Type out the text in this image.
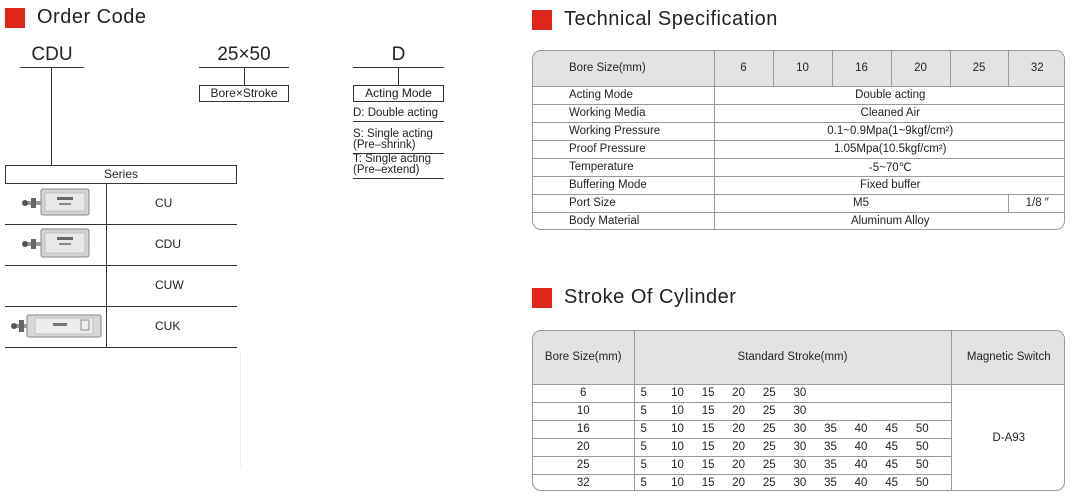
Order Code
CDU	25×50
Bore×Stroke
D
Acting Mode
D: Double acting
S: Single acting
(Pre–shrink)
T: Single acting
(Pre–extend)
Series
CU
CDU
CUW
CUK
Technical Specification
Bore Size(mm)	6	10	16	20	25	32
Acting Mode	Double acting					
Working Media	Cleaned Air					
Working Pressure	0.1~0.9Mpa(1~9kgf/cm²)					
Proof Pressure	1.05Mpa(10.5kgf/cm²)					
Temperature	-5~70℃					
Buffering Mode	Fixed buffer					
Port Size	M5					1/8 ″
Body Material	Aluminum Alloy					
Stroke Of Cylinder
Bore Size(mm)	Standard Stroke(mm)	Magnetic Switch
6	5 10 15 20 25 30	D-A93
10	5 10 15 20 25 30	

16	5 10 15 20 25 30 35 40 45 50	

20	5 10 15 20 25 30 35 40 45 50	

25	5 10 15 20 25 30 35 40 45 50	

32	5 10 15 20 25 30 35 40 45 50	
